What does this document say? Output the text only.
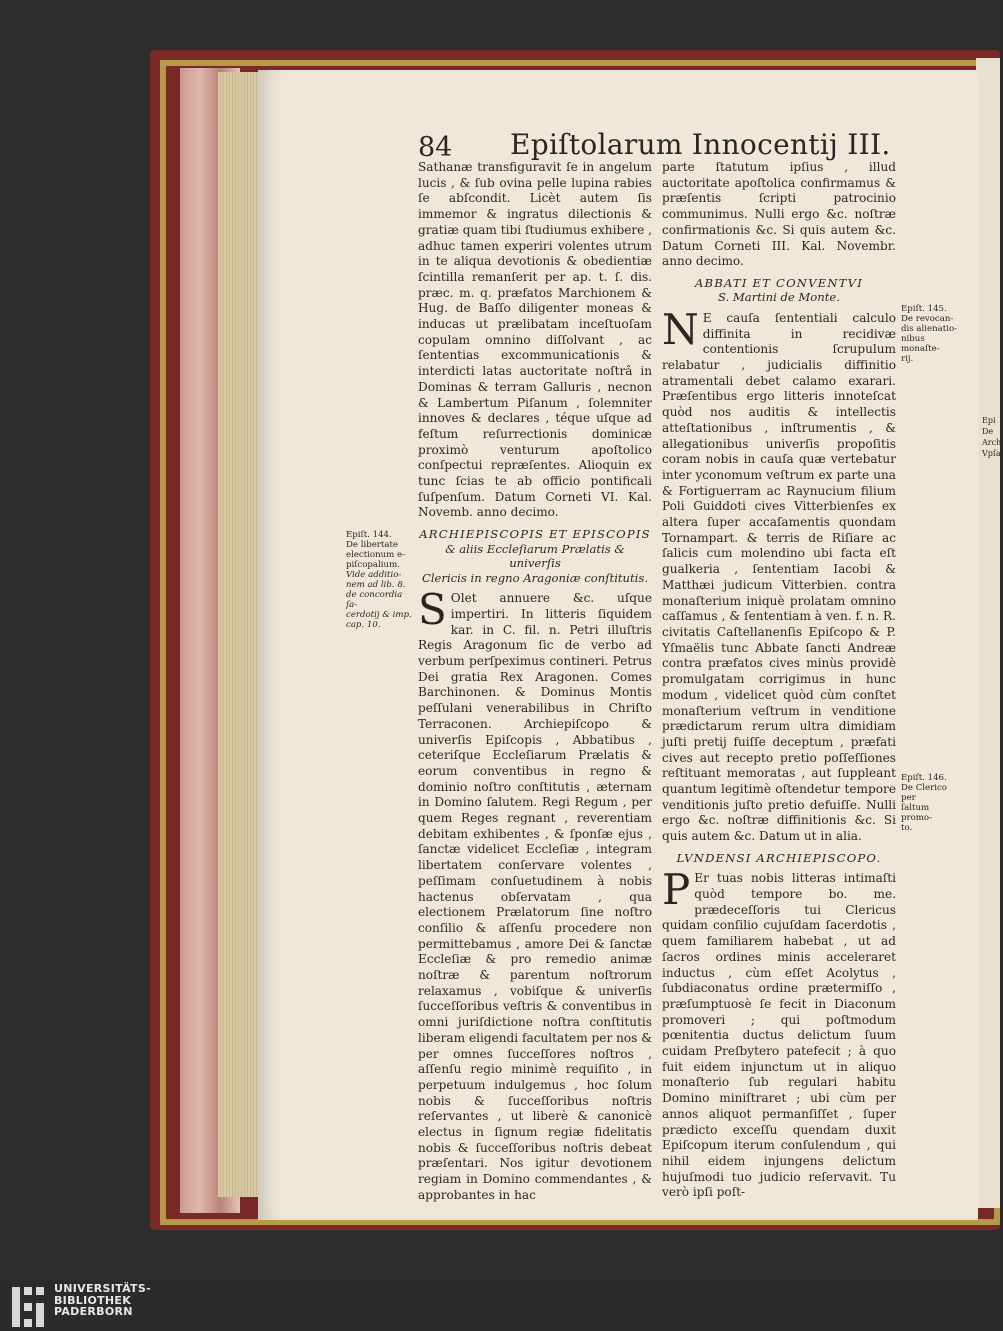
Epi
De
Arch
Vpſal
84 Epiſtolarum Innocentij III.

Sathanæ transfiguravit ſe in angelum lucis , & ſub ovina pelle lupina rabies ſe abſcondit. Licèt autem ſis immemor & ingratus dilectionis & gratiæ quam tibi ſtudiumus exhibere , adhuc tamen experiri volentes utrum in te aliqua devotionis & obedientiæ ſcintilla remanſerit per ap. t. ſ. dis. præc. m. q. præfatos Marchionem & Hug. de Baſſo diligenter moneas & inducas ut prælibatam inceſtuoſam copulam omnino diſſolvant , ac ſententias excommunicationis & interdicti latas auctoritate noſtrâ in Dominas & terram Galluris , necnon & Lambertum Piſanum , ſolemniter innoves & declares , téque uſque ad feſtum reſurrectionis dominicæ proximò venturum apoſtolico conſpectui repræſentes. Alioquin ex tunc ſcias te ab officio pontificali ſuſpenſum. Datum Corneti VI. Kal. Novemb. anno decimo.

ARCHIEPISCOPIS ET EPISCOPIS
& aliis Eccleſiarum Prælatis & univerſis
Clericis in regno Aragoniæ conſtitutis.

S Olet annuere &c. uſque impertiri. In litteris ſiquidem kar. in C. fil. n. Petri illuſtris Regis Aragonum ſic de verbo ad verbum perſpeximus contineri. Petrus Dei gratia Rex Aragonen. Comes Barchinonen. & Dominus Montis peſſulani venerabilibus in Chriſto Terraconen. Archiepiſcopo & univerſis Epiſcopis , Abbatibus , ceteriſque Eccleſiarum Prælatis & eorum conventibus in regno & dominio noſtro conſtitutis , æternam in Domino ſalutem. Regi Regum , per quem Reges regnant , reverentiam debitam exhibentes , & ſponſæ ejus , ſanctæ videlicet Eccleſiæ , integram libertatem conſervare volentes , peſſimam conſuetudinem à nobis hactenus obſervatam , qua electionem Prælatorum ſine noſtro conſilio & aſſenſu procedere non permittebamus , amore Dei & ſanctæ Eccleſiæ & pro remedio animæ noſtræ & parentum noſtrorum relaxamus , vobiſque & univerſis ſucceſſoribus veſtris & conventibus in omni juriſdictione noſtra conſtitutis liberam eligendi facultatem per nos & per omnes ſucceſſores noſtros , aſſenſu regio minimè requiſito , in perpetuum indulgemus , hoc ſolum nobis & ſucceſſoribus noſtris reſervantes , ut liberè & canonicè electus in ſignum regiæ fidelitatis nobis & ſucceſſoribus noſtris debeat præſentari. Nos igitur devotionem regiam in Domino commendantes , & approbantes in hac

parte ſtatutum ipſius , illud auctoritate apoſtolica confirmamus & præſentis ſcripti patrocinio communimus. Nulli ergo &c. noſtræ confirmationis &c. Si quis autem &c. Datum Corneti III. Kal. Novembr. anno decimo.

ABBATI ET CONVENTVI
S. Martini de Monte.

N E cauſa ſententiali calculo diffinita in recidivæ contentionis ſcrupulum relabatur , judicialis diffinitio atramentali debet calamo exarari. Præſentibus ergo litteris innoteſcat quòd nos auditis & intellectis atteſtationibus , inſtrumentis , & allegationibus univerſis propoſitis coram nobis in cauſa quæ vertebatur inter yconomum veſtrum ex parte una & Fortiguerram ac Raynucium filium Poli Guiddoti cives Vitterbienſes ex altera ſuper accaſamentis quondam Tornampart. & terris de Riſiare ac ſalicis cum molendino ubi facta eſt gualkeria , ſententiam Iacobi & Matthæi judicum Vitterbien. contra monaſterium iniquè prolatam omnino caſſamus , & ſententiam à ven. f. n. R. civitatis Caſtellanenſis Epiſcopo & P. Yſmaëlis tunc Abbate ſancti Andreæ contra præfatos cives minùs providè promulgatam corrigimus in hunc modum , videlicet quòd cùm conſtet monaſterium veſtrum in venditione prædictarum rerum ultra dimidiam juſti pretij fuiſſe deceptum , præfati cives aut recepto pretio poſſeſſiones reſtituant memoratas , aut ſuppleant quantum legitimè oſtendetur tempore venditionis juſto pretio defuiſſe. Nulli ergo &c. noſtræ diffinitionis &c. Si quis autem &c. Datum ut in alia.

LVNDENSI ARCHIEPISCOPO.

P Er tuas nobis litteras intimaſti quòd tempore bo. me. prædeceſſoris tui Clericus quidam conſilio cujuſdam ſacerdotis , quem familiarem habebat , ut ad ſacros ordines minis acceleraret inductus , cùm eſſet Acolytus , ſubdiaconatus ordine prætermiſſo , præſumptuosè ſe fecit in Diaconum promoveri ; qui poſtmodum pœnitentia ductus delictum ſuum cuidam Preſbytero patefecit ; à quo fuit eidem injunctum ut in aliquo monaſterio ſub regulari habitu Domino miniſtraret ; ubi cùm per annos aliquot permanſiſſet , ſuper prædicto exceſſu quendam duxit Epiſcopum iterum conſulendum , qui nihil eidem injungens delictum hujuſmodi tuo judicio reſervavit. Tu verò ipſi poſt-

Epiſt. 144.
De libertate
electionum e-
piſcopalium.
Vide additio-
nem ad lib. 8.
de concordia ſa-
cerdotij & imp.
cap. 10.
Epiſt. 145.
De revocan-
dis alienatio-
nibus monaſte-
rij.
Epiſt. 146.
De Clerico per
ſaltum promo-
to.
UNIVERSITÄTS-
BIBLIOTHEK
PADERBORN
